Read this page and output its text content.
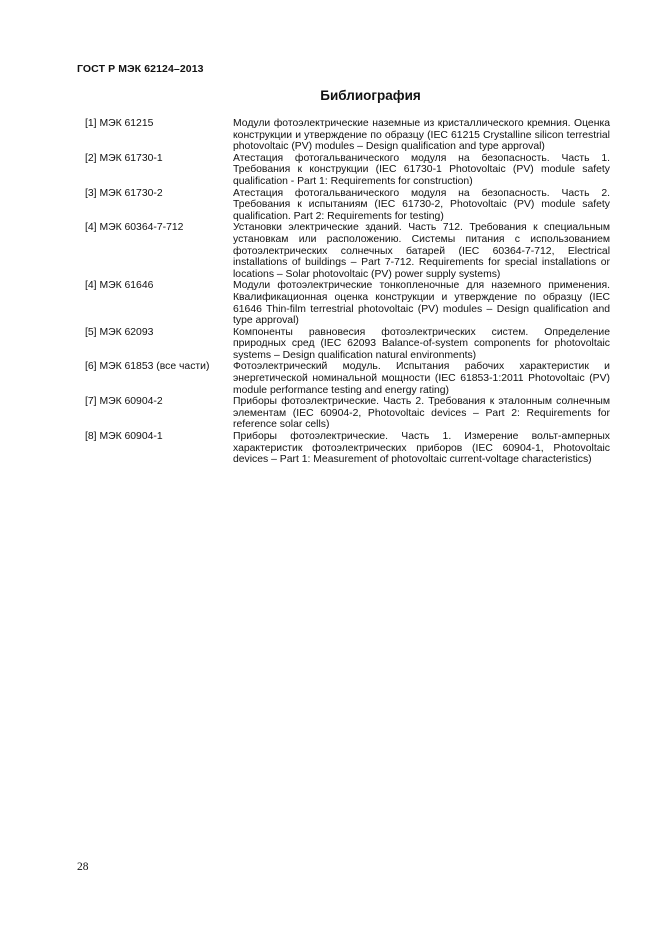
ГОСТ Р МЭК 62124–2013
Библиография
[1] МЭК 61215	Модули фотоэлектрические наземные из кристаллического кремния. Оценка конструкции и утверждение по образцу (IEC 61215 Crystalline silicon terrestrial photovoltaic (PV) modules – Design qualification and type approval)
[2] МЭК 61730-1	Атестация фотогальванического модуля на безопасность. Часть 1. Требования к конструкции (IEC 61730-1 Photovoltaic (PV) module safety qualification - Part 1: Requirements for construction)
[3] МЭК 61730-2	Атестация фотогальванического модуля на безопасность. Часть 2. Требования к испытаниям (IEC 61730-2, Photovoltaic (PV) module safety qualification. Part 2: Requirements for testing)
[4] МЭК 60364-7-712	Установки электрические зданий. Часть 712. Требования к специальным установкам или расположению. Системы питания с использованием фотоэлектрических солнечных батарей (IEC 60364-7-712, Electrical installations of buildings – Part 7-712. Requirements for special installations or locations – Solar photovoltaic (PV) power supply systems)
[4] МЭК 61646	Модули фотоэлектрические тонкопленочные для наземного применения. Квалификационная оценка конструкции и утверждение по образцу (IEC 61646 Thin-film terrestrial photovoltaic (PV) modules – Design qualification and type approval)
[5] МЭК 62093	Компоненты равновесия фотоэлектрических систем. Определение природных сред (IEC 62093 Balance-of-system components for photovoltaic systems – Design qualification natural environments)
[6] МЭК 61853 (все части)	Фотоэлектрический модуль. Испытания рабочих характеристик и энергетической номинальной мощности (IEC 61853-1:2011 Photovoltaic (PV) module performance testing and energy rating)
[7] МЭК 60904-2	Приборы фотоэлектрические. Часть 2. Требования к эталонным солнечным элементам (IEC 60904-2, Photovoltaic devices – Part 2: Requirements for reference solar cells)
[8] МЭК 60904-1	Приборы фотоэлектрические. Часть 1. Измерение вольт-амперных характеристик фотоэлектрических приборов (IEC 60904-1, Photovoltaic devices – Part 1: Measurement of photovoltaic current-voltage characteristics)
28
